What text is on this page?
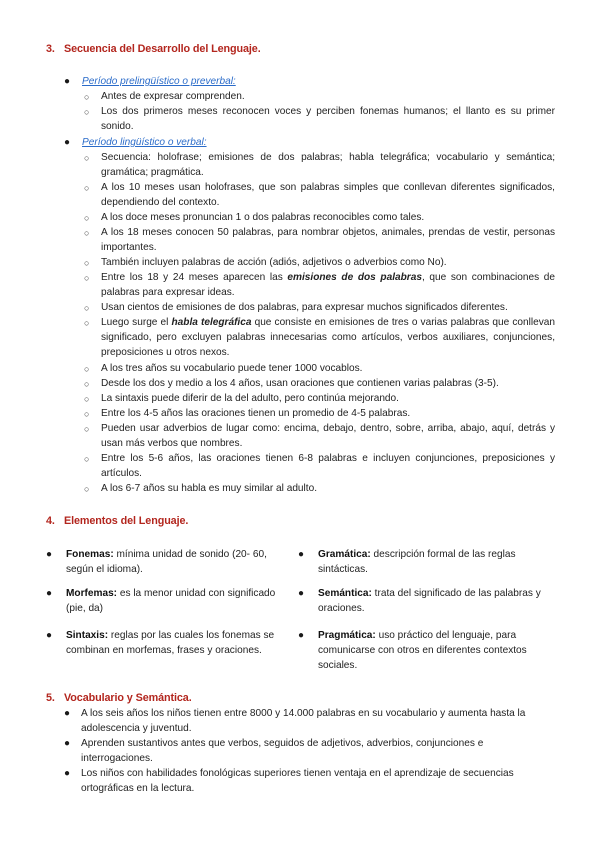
3. Secuencia del Desarrollo del Lenguaje.
● Período prelingüístico o preverbal:
○ Antes de expresar comprenden.
○ Los dos primeros meses reconocen voces y perciben fonemas humanos; el llanto es su primer sonido.
● Período lingüístico o verbal:
○ Secuencia: holofrase; emisiones de dos palabras; habla telegráfica; vocabulario y semántica; gramática; pragmática.
○ A los 10 meses usan holofrases, que son palabras simples que conllevan diferentes significados, dependiendo del contexto.
○ A los doce meses pronuncian 1 o dos palabras reconocibles como tales.
○ A los 18 meses conocen 50 palabras, para nombrar objetos, animales, prendas de vestir, personas importantes.
○ También incluyen palabras de acción (adiós, adjetivos o adverbios como No).
○ Entre los 18 y 24 meses aparecen las emisiones de dos palabras, que son combinaciones de palabras para expresar ideas.
○ Usan cientos de emisiones de dos palabras, para expresar muchos significados diferentes.
○ Luego surge el habla telegráfica que consiste en emisiones de tres o varias palabras que conllevan significado, pero excluyen palabras innecesarias como artículos, verbos auxiliares, conjunciones, preposiciones u otros nexos.
○ A los tres años su vocabulario puede tener 1000 vocablos.
○ Desde los dos y medio a los 4 años, usan oraciones que contienen varias palabras (3-5).
○ La sintaxis puede diferir de la del adulto, pero continúa mejorando.
○ Entre los 4-5 años las oraciones tienen un promedio de 4-5 palabras.
○ Pueden usar adverbios de lugar como: encima, debajo, dentro, sobre, arriba, abajo, aquí, detrás y usan más verbos que nombres.
○ Entre los 5-6 años, las oraciones tienen 6-8 palabras e incluyen conjunciones, preposiciones y artículos.
○ A los 6-7 años su habla es muy similar al adulto.
4. Elementos del Lenguaje.
● Fonemas: mínima unidad de sonido (20- 60, según el idioma).
● Gramática: descripción formal de las reglas sintácticas.
● Morfemas: es la menor unidad con significado (pie, da)
● Semántica: trata del significado de las palabras y oraciones.
● Sintaxis: reglas por las cuales los fonemas se combinan en morfemas, frases y oraciones.
● Pragmática: uso práctico del lenguaje, para comunicarse con otros en diferentes contextos sociales.
5. Vocabulario y Semántica.
● A los seis años los niños tienen entre 8000 y 14.000 palabras en su vocabulario y aumenta hasta la adolescencia y juventud.
● Aprenden sustantivos antes que verbos, seguidos de adjetivos, adverbios, conjunciones e interrogaciones.
● Los niños con habilidades fonológicas superiores tienen ventaja en el aprendizaje de secuencias ortográficas en la lectura.
